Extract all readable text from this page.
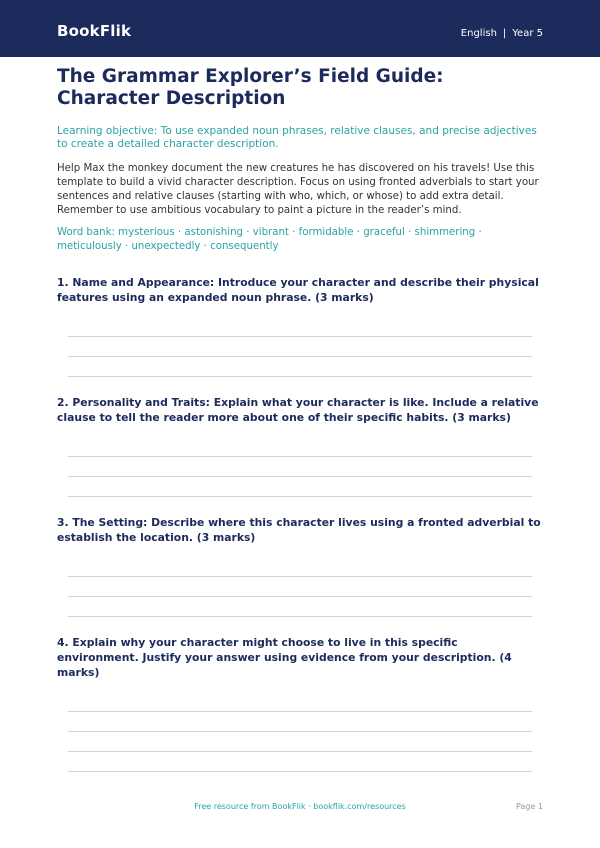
BookFlik	English | Year 5
The Grammar Explorer’s Field Guide: Character Description
Learning objective: To use expanded noun phrases, relative clauses, and precise adjectives to create a detailed character description.
Help Max the monkey document the new creatures he has discovered on his travels! Use this template to build a vivid character description. Focus on using fronted adverbials to start your sentences and relative clauses (starting with who, which, or whose) to add extra detail. Remember to use ambitious vocabulary to paint a picture in the reader’s mind.
Word bank: mysterious · astonishing · vibrant · formidable · graceful · shimmering · meticulously · unexpectedly · consequently
1. Name and Appearance: Introduce your character and describe their physical features using an expanded noun phrase. (3 marks)
2. Personality and Traits: Explain what your character is like. Include a relative clause to tell the reader more about one of their specific habits. (3 marks)
3. The Setting: Describe where this character lives using a fronted adverbial to establish the location. (3 marks)
4. Explain why your character might choose to live in this specific environment. Justify your answer using evidence from your description. (4 marks)
Free resource from BookFlik · bookflik.com/resources	Page 1
